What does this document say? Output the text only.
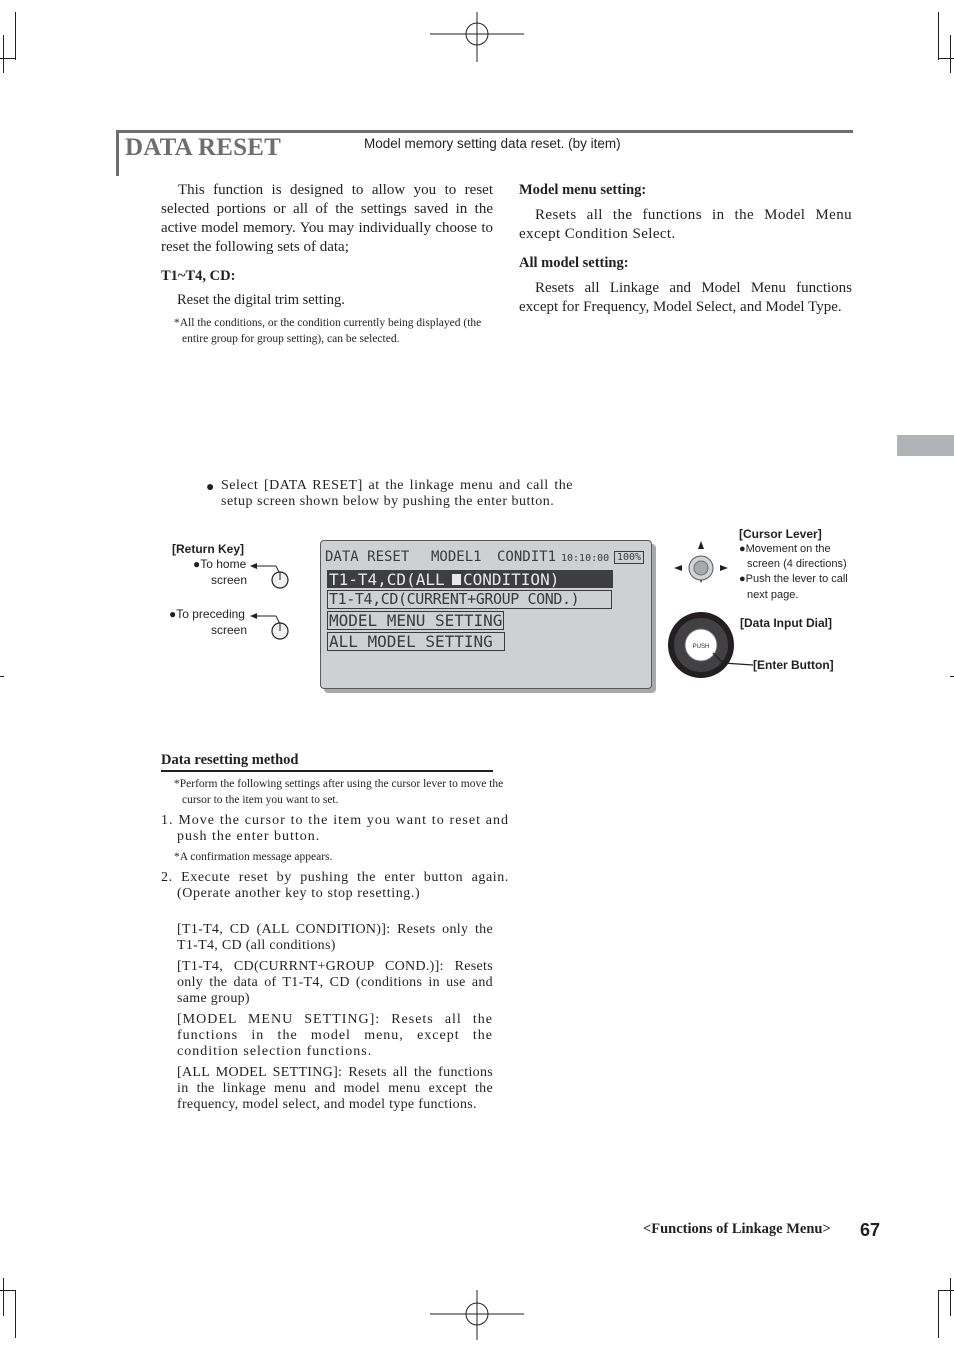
DATA RESET	Model memory setting data reset. (by item)
This function is designed to allow you to reset selected portions or all of the settings saved in the active model memory. You may individually choose to reset the following sets of data;
T1~T4, CD:
Reset the digital trim setting.
*All the conditions, or the condition currently being displayed (the entire group for group setting), can be selected.
Model menu setting:
Resets all the functions in the Model Menu except Condition Select.
All model setting:
Resets all Linkage and Model Menu functions except for Frequency, Model Select, and Model Type.
● Select [DATA RESET] at the linkage menu and call the setup screen shown below by pushing the enter button.
[Return Key]
●To home
screen
●To preceding
screen
DATA RESET MODEL1 CONDIT1 10:10:00 100%
T1-T4,CD(ALL CONDITION)
T1-T4,CD(CURRENT+GROUP COND.)
MODEL MENU SETTING
ALL MODEL SETTING
[Cursor Lever]
●Movement on the
screen (4 directions)
●Push the lever to call
next page.
[Data Input Dial]
[Enter Button]
PUSH
Data resetting method
*Perform the following settings after using the cursor lever to move the cursor to the item you want to set.
1. Move the cursor to the item you want to reset and push the enter button.
*A confirmation message appears.
2. Execute reset by pushing the enter button again. (Operate another key to stop resetting.)
[T1-T4, CD (ALL CONDITION)]: Resets only the T1-T4, CD (all conditions)
[T1-T4, CD(CURRNT+GROUP COND.)]: Resets only the data of T1-T4, CD (conditions in use and same group)
[MODEL MENU SETTING]: Resets all the functions in the model menu, except the condition selection functions.
[ALL MODEL SETTING]: Resets all the functions in the linkage menu and model menu except the frequency, model select, and model type functions.
<Functions of Linkage Menu> 67
